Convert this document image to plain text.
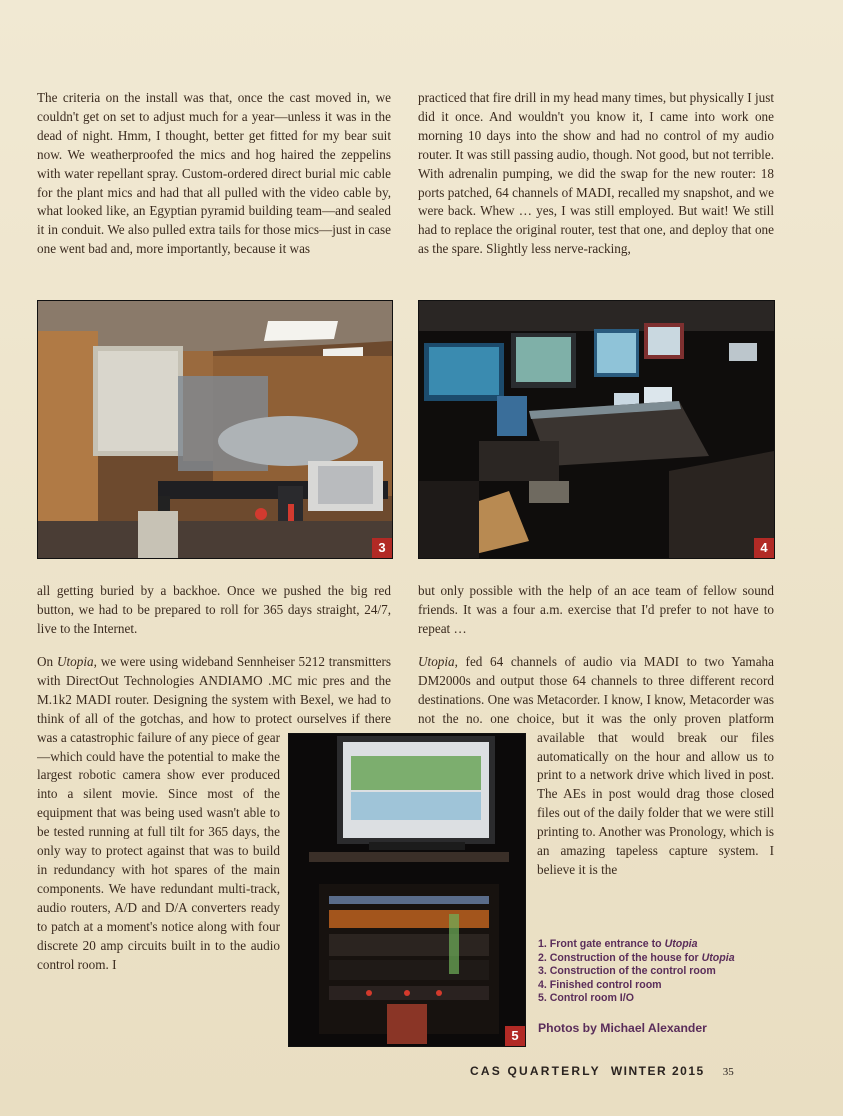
The criteria on the install was that, once the cast moved in, we couldn't get on set to adjust much for a year—unless it was in the dead of night. Hmm, I thought, better get fitted for my bear suit now. We weatherproofed the mics and hog haired the zeppelins with water repellant spray. Custom-ordered direct burial mic cable for the plant mics and had that all pulled with the video cable by, what looked like, an Egyptian pyramid building team—and sealed it in conduit. We also pulled extra tails for those mics—just in case one went bad and, more importantly, because it was

practiced that fire drill in my head many times, but physically I just did it once. And wouldn't you know it, I came into work one morning 10 days into the show and had no control of my audio router. It was still passing audio, though. Not good, but not terrible. With adrenalin pumping, we did the swap for the new router: 18 ports patched, 64 channels of MADI, recalled my snapshot, and we were back. Whew … yes, I was still employed. But wait! We still had to replace the original router, test that one, and deploy that one as the spare. Slightly less nerve-racking,

3	4

all getting buried by a backhoe. Once we pushed the big red button, we had to be prepared to roll for 365 days straight, 24/7, live to the Internet.

but only possible with the help of an ace team of fellow sound friends. It was a four a.m. exercise that I'd prefer to not have to repeat …

On Utopia, we were using wideband Sennheiser 5212 transmitters with DirectOut Technologies ANDIAMO .MC mic pres and the M.1k2 MADI router. Designing the system with Bexel, we had to think of all of the gotchas, and how to protect ourselves if there was a catastrophic failure of any piece of gear—which could have the potential to make the largest robotic camera show ever produced into a silent movie. Since most of the equipment that was being used wasn't able to be tested running at full tilt for 365 days, the only way to protect against that was to build in redundancy with hot spares of the main components. We have redundant multi-track, audio routers, A/D and D/A converters ready to patch at a moment's notice along with four discrete 20 amp circuits built in to the audio control room. I

5

Utopia, fed 64 channels of audio via MADI to two Yamaha DM2000s and output those 64 channels to three different record destinations. One was Metacorder. I know, I know, Metacorder was not the no. one choice, but it was the only proven platform available that would break our files automatically on the hour and allow us to print to a network drive which lived in post. The AEs in post would drag those closed files out of the daily folder that we were still printing to. Another was Pronology, which is an amazing tapeless capture system. I believe it is the

1. Front gate entrance to Utopia
2. Construction of the house for Utopia
3. Construction of the control room
4. Finished control room
5. Control room I/O
Photos by Michael Alexander
CAS QUARTERLY WINTER 2015 35
